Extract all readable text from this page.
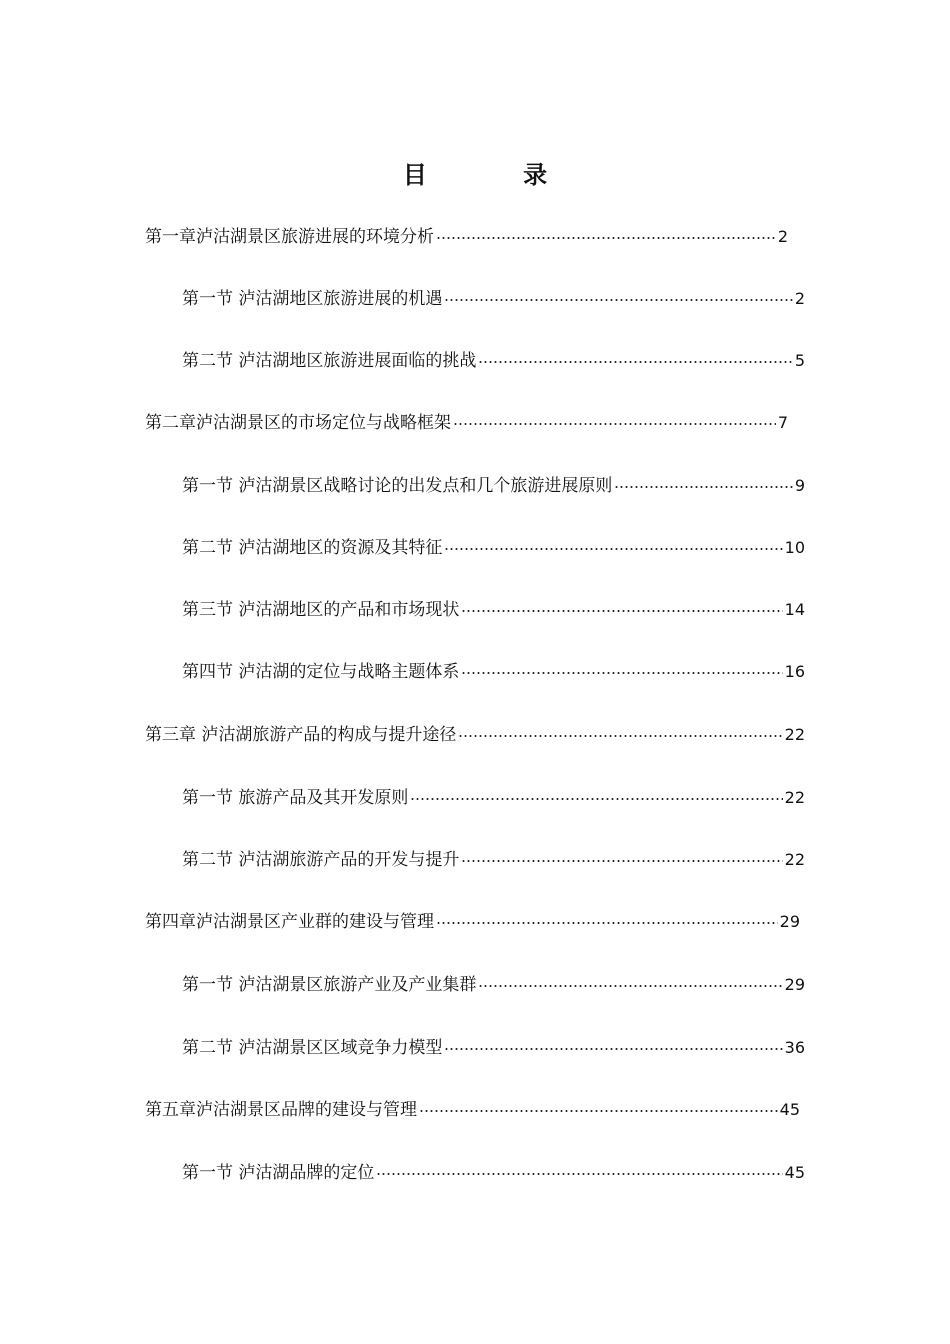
目 录
第一章泸沽湖景区旅游进展的环境分析	2
第一节 泸沽湖地区旅游进展的机遇	2
第二节 泸沽湖地区旅游进展面临的挑战	5
第二章泸沽湖景区的市场定位与战略框架	7
第一节 泸沽湖景区战略讨论的出发点和几个旅游进展原则	9
第二节 泸沽湖地区的资源及其特征	10
第三节 泸沽湖地区的产品和市场现状	14
第四节 泸沽湖的定位与战略主题体系	16
第三章 泸沽湖旅游产品的构成与提升途径	22
第一节 旅游产品及其开发原则	22
第二节 泸沽湖旅游产品的开发与提升	22
第四章泸沽湖景区产业群的建设与管理	29
第一节 泸沽湖景区旅游产业及产业集群	29
第二节 泸沽湖景区区域竞争力模型	36
第五章泸沽湖景区品牌的建设与管理	45
第一节 泸沽湖品牌的定位	45
